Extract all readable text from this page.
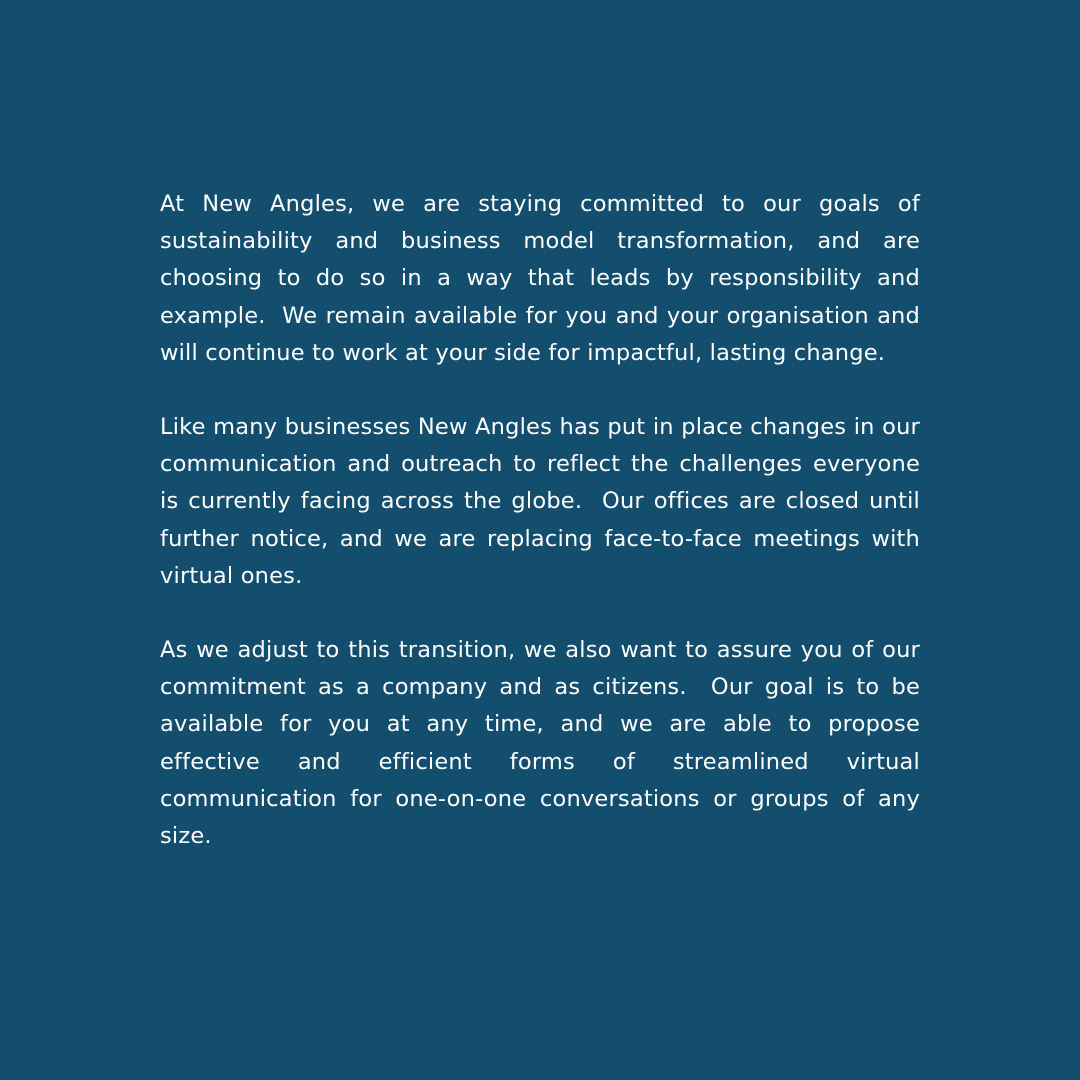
At New Angles, we are staying committed to our goals of sustainability and business model transformation, and are choosing to do so in a way that leads by responsibility and example.  We remain available for you and your organisation and will continue to work at your side for impactful, lasting change.

Like many businesses New Angles has put in place changes in our communication and outreach to reflect the challenges everyone is currently facing across the globe.  Our offices are closed until further notice, and we are replacing face-to-face meetings with virtual ones.

As we adjust to this transition, we also want to assure you of our commitment as a company and as citizens.  Our goal is to be available for you at any time, and we are able to propose effective and efficient forms of streamlined virtual communication for one-on-one conversations or groups of any size.
